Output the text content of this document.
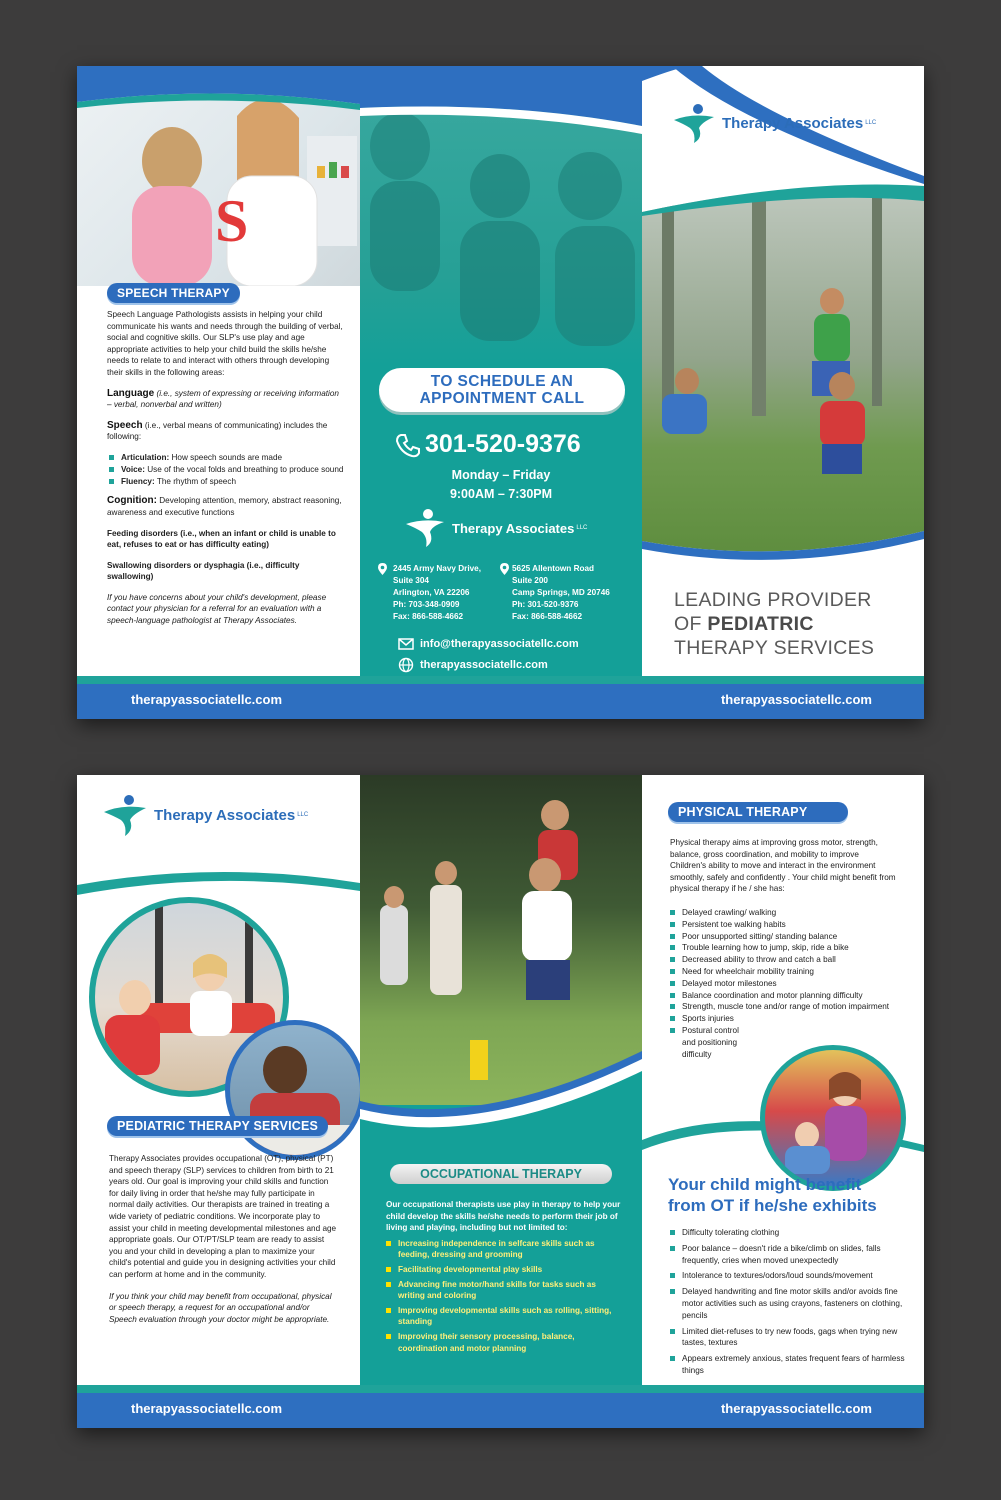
S
SPEECH THERAPY

Speech Language Pathologists assists in helping your child communicate his wants and needs through the building of verbal, social and cognitive skills. Our SLP's use play and age appropriate activities to help your child build the skills he/she needs to relate to and interact with others through developing their skills in the following areas:

Language (i.e., system of expressing or receiving information – verbal, nonverbal and written)

Speech (i.e., verbal means of communicating) includes the following:

Articulation: How speech sounds are made
Voice: Use of the vocal folds and breathing to produce sound
Fluency: The rhythm of speech

Cognition: Developing attention, memory, abstract reasoning, awareness and executive functions

Feeding disorders (i.e., when an infant or child is unable to eat, refuses to eat or has difficulty eating)

Swallowing disorders or dysphagia (i.e., difficulty swallowing)

If you have concerns about your child's development, please contact your physician for a referral for an evaluation with a speech-language pathologist at Therapy Associates.

TO SCHEDULE AN
APPOINTMENT CALL
301-520-9376
Monday – Friday
9:00AM – 7:30PM
Therapy Associates LLC
2445 Army Navy Drive,
Suite 304
Arlington, VA 22206
Ph: 703-348-0909
Fax: 866-588-4662
5625 Allentown Road
Suite 200
Camp Springs, MD 20746
Ph: 301-520-9376
Fax: 866-588-4662
info@therapyassociatellc.com
therapyassociatellc.com
Therapy Associates LLC
LEADING PROVIDER
OF PEDIATRIC
THERAPY SERVICES
therapyassociatellc.com	therapyassociatellc.com
Therapy Associates LLC
PEDIATRIC THERAPY SERVICES

Therapy Associates provides occupational (OT), physical (PT) and speech therapy (SLP) services to children from birth to 21 years old. Our goal is improving your child skills and function for daily living in order that he/she may fully participate in normal daily activities. Our therapists are trained in treating a wide variety of pediatric conditions. We incorporate play to assist your child in meeting developmental milestones and age appropriate goals. Our OT/PT/SLP team are ready to assist you and your child in developing a plan to maximize your child's potential and guide you in designing activities your child can perform at home and in the community.

If you think your child may benefit from occupational, physical or speech therapy, a request for an occupational and/or Speech evaluation through your doctor might be appropriate.

OCCUPATIONAL THERAPY

Our occupational therapists use play in therapy to help your child develop the skills he/she needs to perform their job of living and playing, including but not limited to:

Increasing independence in selfcare skills such as feeding, dressing and grooming
Facilitating developmental play skills
Advancing fine motor/hand skills for tasks such as writing and coloring
Improving developmental skills such as rolling, sitting, standing
Improving their sensory processing, balance, coordination and motor planning
PHYSICAL THERAPY

Physical therapy aims at improving gross motor, strength, balance, gross coordination, and mobility to improve Children's ability to move and interact in the environment smoothly, safely and confidently . Your child might benefit from physical therapy if he / she has:

Delayed crawling/ walking
Persistent toe walking habits
Poor unsupported sitting/ standing balance
Trouble learning how to jump, skip, ride a bike
Decreased ability to throw and catch a ball
Need for wheelchair mobility training
Delayed motor milestones
Balance coordination and motor planning difficulty
Strength, muscle tone and/or range of motion impairment
Sports injuries
Postural control and positioning difficulty
Your child might benefit
from OT if he/she exhibits
Difficulty tolerating clothing
Poor balance – doesn't ride a bike/climb on slides, falls frequently, cries when moved unexpectedly
Intolerance to textures/odors/loud sounds/movement
Delayed handwriting and fine motor skills and/or avoids fine motor activities such as using crayons, fasteners on clothing, pencils
Limited diet-refuses to try new foods, gags when trying new tastes, textures
Appears extremely anxious, states frequent fears of harmless things
therapyassociatellc.com	therapyassociatellc.com
